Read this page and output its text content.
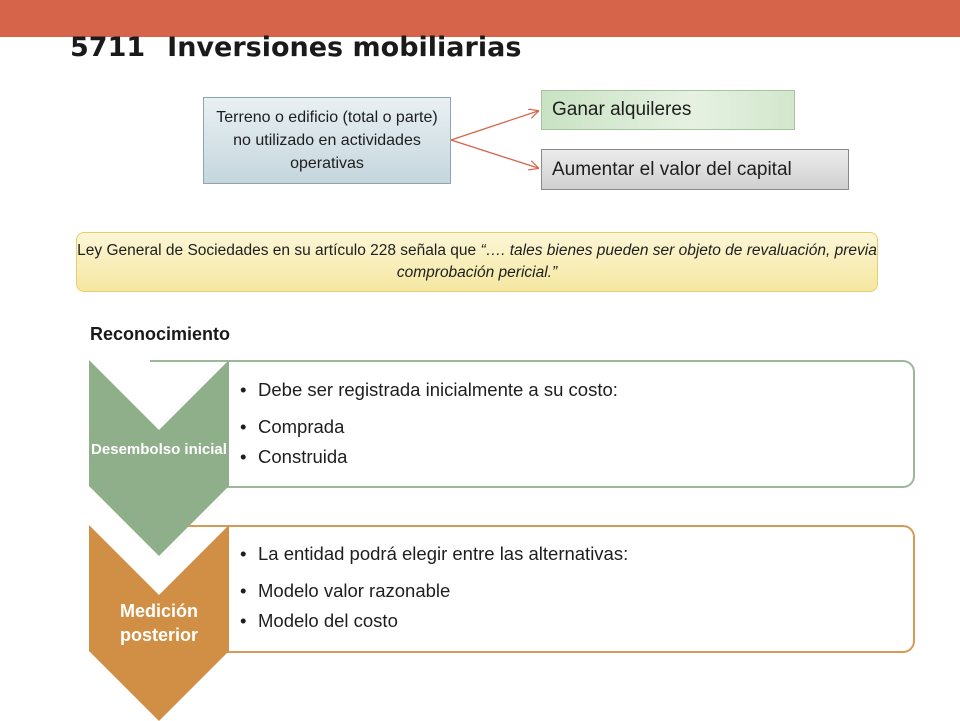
5711 Inversiones mobiliarias
Terreno o edificio (total o parte) no utilizado en actividades operativas
Ganar alquileres
Aumentar el valor del capital
Ley General de Sociedades en su artículo 228 señala que “…. tales bienes pueden ser objeto de revaluación, previa comprobación pericial.”
Reconocimiento
Desembolso inicial
Medición posterior
• Debe ser registrada inicialmente a su costo:
• Comprada
• Construida
• La entidad podrá elegir entre las alternativas:
• Modelo valor razonable
• Modelo del costo
